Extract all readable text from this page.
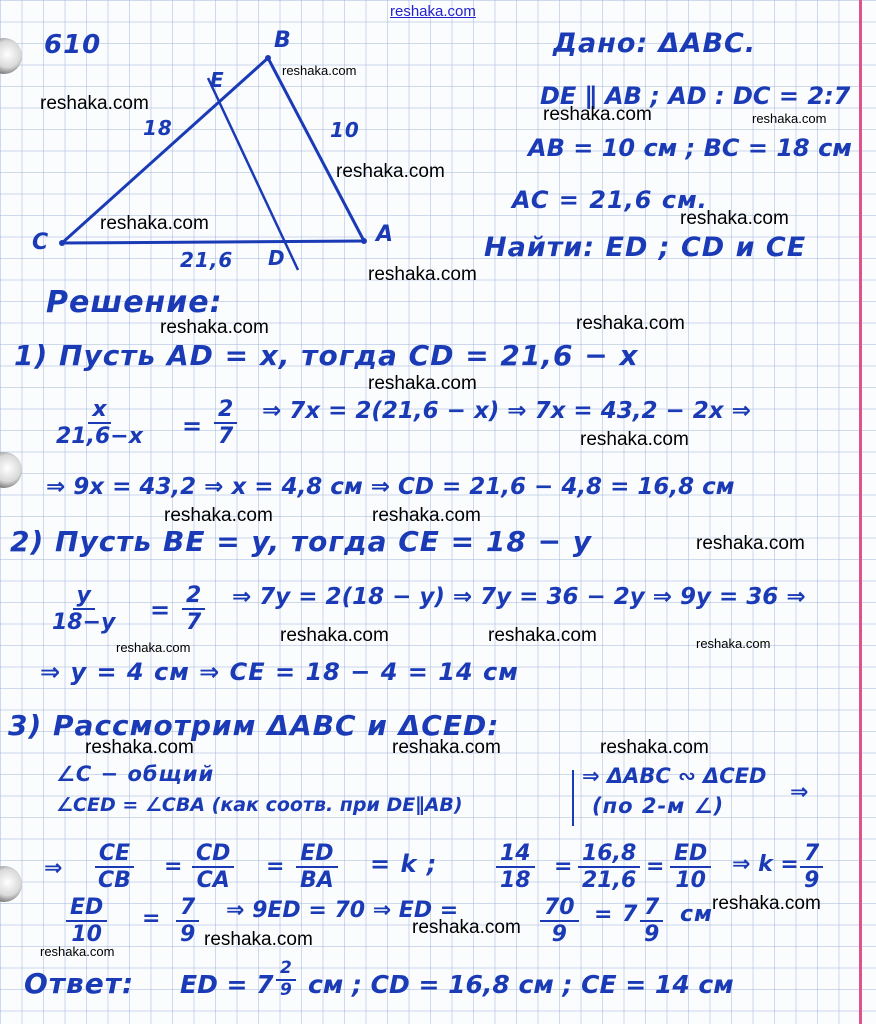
reshaka.com
610	B
E
C	A
D
18	10
21,6
Дано: ΔABC.
DE ∥ AB ; AD : DC = 2:7
AB = 10 см ; BC = 18 см
AC = 21,6 см.
Найти: ED ; CD и CE
Решение:
1) Пусть AD = x, тогда CD = 21,6 − x
$\frac{x}{21,6-x} = \frac{2}{7}$ ⇒ 7x = 2(21,6 − x) ⇒ 7x = 43,2 − 2x ⇒
⇒ 9x = 43,2 ⇒ x = 4,8 см ⇒ CD = 21,6 − 4,8 = 16,8 см
2) Пусть BE = y, тогда CE = 18 − y
$\frac{y}{18-y} = \frac{2}{7}$ ⇒ 7y = 2(18 − y) ⇒ 7y = 36 − 2y ⇒ 9y = 36 ⇒
⇒ y = 4 см ⇒ CE = 18 − 4 = 14 см
3) Рассмотрим ΔABC и ΔCED:
∠C − общий
∠CED = ∠CBA (как соотв. при DE∥AB)
⇒ ΔABC ∾ ΔCED
(по 2-м ∠)
⇒
⇒ $\frac{CE}{CB} = \frac{CD}{CA} = \frac{ED}{BA} = k$ ;	$\frac{14}{18} = \frac{16,8}{21,6} = \frac{ED}{10}$ ⇒ $k = \frac{7}{9}$
$\frac{ED}{10} = \frac{7}{9}$ ⇒ 9ED = 70 ⇒ ED =	$\frac{70}{9} = 7 \frac{7}{9}$ см
Ответ: ED = $7 \frac{2}{9}$ см ; CD = 16,8 см ; CE = 14 см
reshaka.com
reshaka.com
reshaka.com	reshaka.com
reshaka.com
reshaka.com	reshaka.com
reshaka.com
reshaka.com	reshaka.com
reshaka.com
reshaka.com
reshaka.com	reshaka.com
reshaka.com
reshaka.com	reshaka.com
reshaka.com	reshaka.com
reshaka.com	reshaka.com	reshaka.com
reshaka.com
reshaka.com
reshaka.com
reshaka.com
